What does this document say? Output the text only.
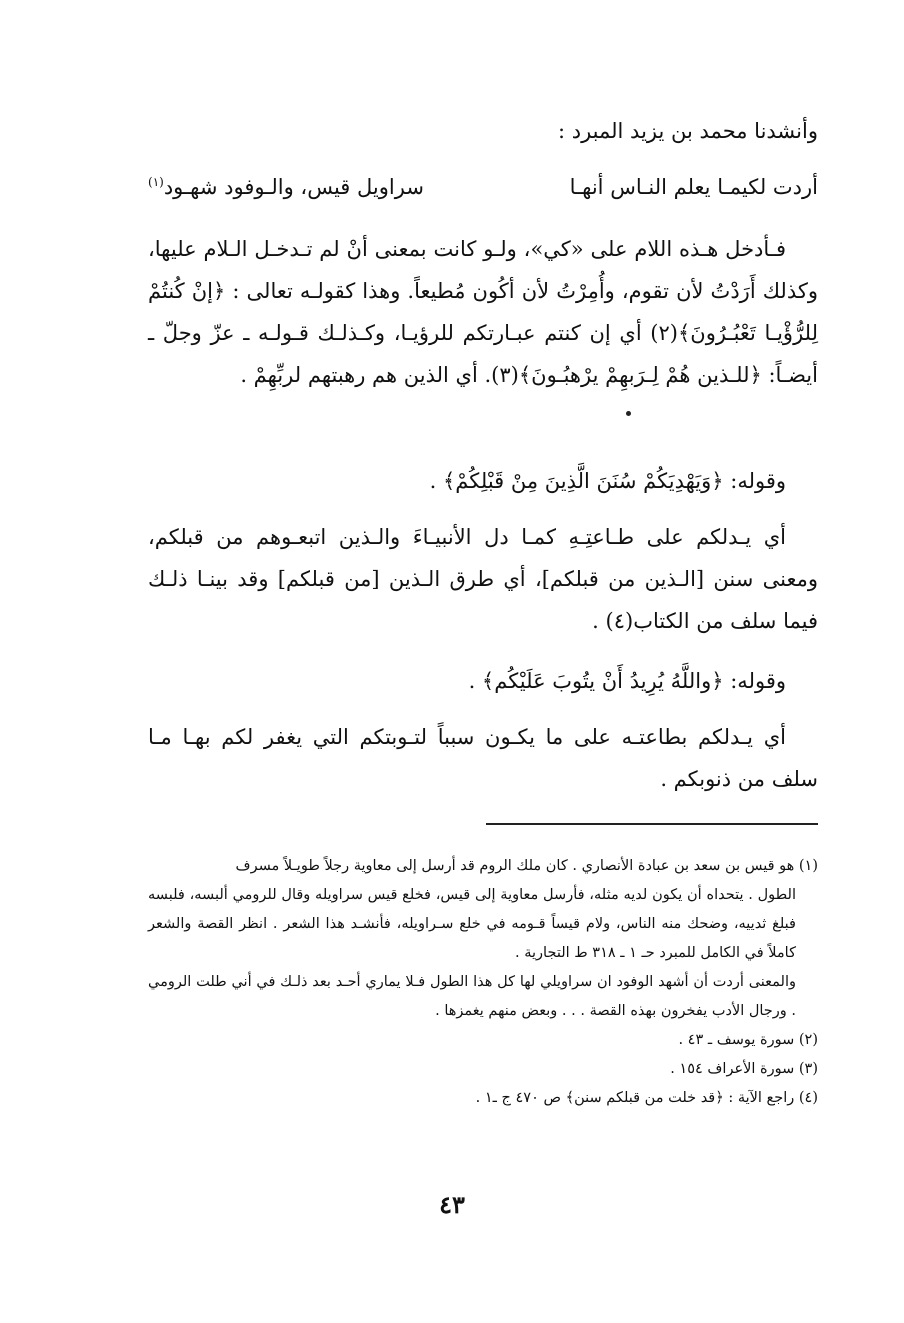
وأنشدنا محمد بن يزيد المبرد :
أردت لكيمـا يعلم النـاس أنهـا
سراويل قيس، والـوفود شهـود$^{(١)}$
فـأدخل هـذه اللام على «كي»، ولـو كانت بمعنى أنْ لم تـدخـل الـلام عليها، وكذلك أَرَدْتُ لأن تقوم، وأُمِرْتُ لأن أكُون مُطيعاً. وهذا كقولـه تعالى : ﴿إنْ كُنتُمْ لِلرُّؤْيـا تَعْبُـرُونَ﴾(٢) أي إن كنتم عبـارتكم للرؤيـا، وكـذلـك قـولـه ـ عزّ وجلّ ـ أيضـاً: ﴿للـذين هُمْ لِـرَبهِمْ يرْهبُـونَ﴾(٣). أي الذين هم رهبتهم لربِّهِمْ .
وقوله: ﴿وَيَهْدِيَكُمْ سُنَنَ الَّذِينَ مِنْ قَبْلِكُمْ﴾ .
أي يـدلكم على طـاعتِـهِ كمـا دل الأنبيـاءَ والـذين اتبعـوهم من قبلكم، ومعنى سنن [الـذين من قبلكم]، أي طرق الـذين [من قبلكم] وقد بينـا ذلـك فيما سلف من الكتاب(٤) .
وقوله: ﴿واللَّهُ يُرِيدُ أَنْ يتُوبَ عَلَيْكُم﴾ .
أي يـدلكم بطاعتـه على ما يكـون سبباً لتـوبتكم التي يغفر لكم بهـا مـا سلف من ذنوبكم .
(١) هو قيس بن سعد بن عبادة الأنصاري . كان ملك الروم قد أرسل إلى معاوية رجلاً طويـلاً مسرف
الطول . يتحداه أن يكون لديه مثله، فأرسل معاوية إلى قيس، فخلع قيس سراويله وقال للرومي ألبسه، فلبسه فبلغ ثدييه، وضحك منه الناس، ولام قيساً قـومه في خلع سـراويله، فأنشـد هذا الشعر . انظر القصة والشعر كاملاً في الكامل للمبرد حـ ١ ـ ٣١٨ ط التجارية .
والمعنى أردت أن أشهد الوفود ان سراويلي لها كل هذا الطول فـلا يماري أحـد بعد ذلـك في أني طلت الرومي . ورجال الأدب يفخرون بهذه القصة . . . وبعض منهم يغمزها .
(٢) سورة يوسف ـ ٤٣ .
(٣) سورة الأعراف ١٥٤ .
(٤) راجع الآية : ﴿قد خلت من قبلكم سنن﴾ ص ٤٧٠ ج ـ١ .
٤٣
